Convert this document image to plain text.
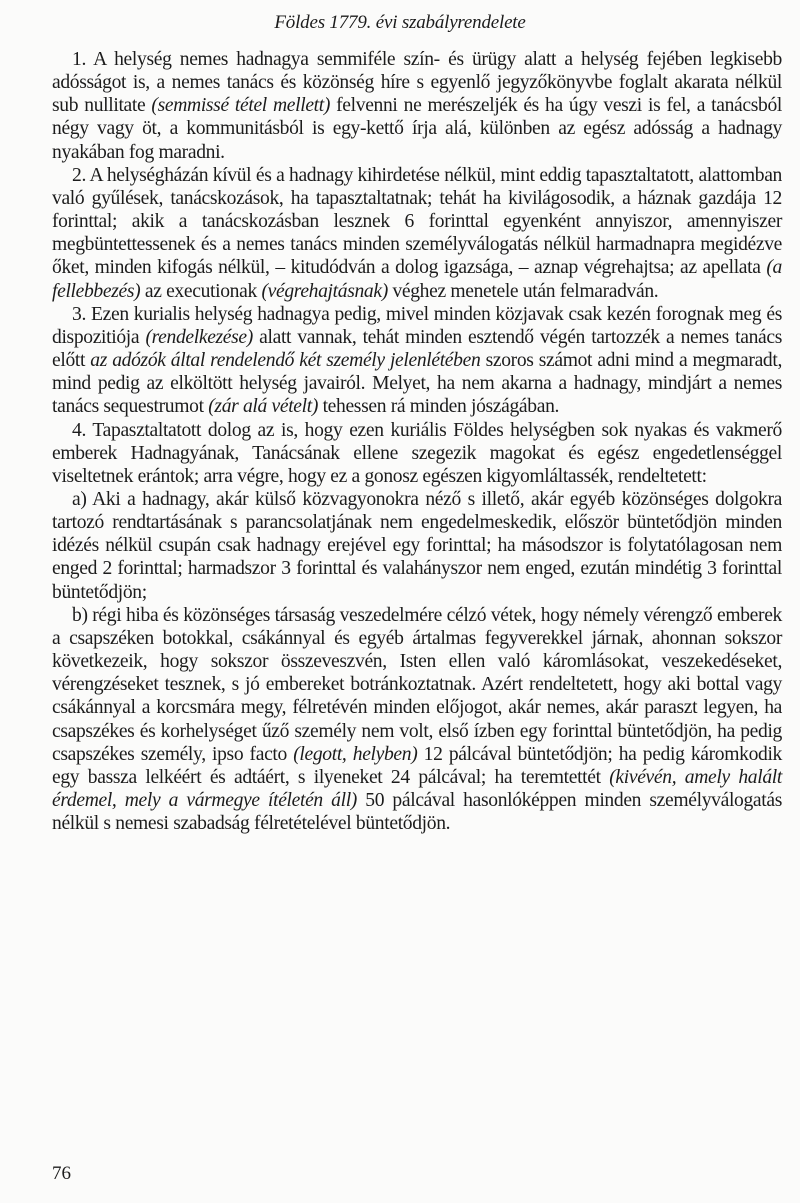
Földes 1779. évi szabályrendelete

1. A helység nemes hadnagya semmiféle szín- és ürügy alatt a helység fejében legkisebb adósságot is, a nemes tanács és közönség híre s egyenlő jegyzőkönyvbe foglalt akarata nélkül sub nullitate (semmissé tétel mellett) felvenni ne merészeljék és ha úgy veszi is fel, a tanácsból négy vagy öt, a kommunitásból is egy-kettő írja alá, különben az egész adósság a hadnagy nyakában fog maradni.

2. A helységházán kívül és a hadnagy kihirdetése nélkül, mint eddig tapasztaltatott, alattomban való gyűlések, tanácskozások, ha tapasztaltatnak; tehát ha kivilágosodik, a háznak gazdája 12 forinttal; akik a tanácskozásban lesznek 6 forinttal egyenként annyiszor, amennyiszer megbüntettessenek és a nemes tanács minden személyválogatás nélkül harmadnapra megidézve őket, minden kifogás nélkül, – kitudódván a dolog igazsága, – aznap végrehajtsa; az apellata (a fellebbezés) az executionak (végrehajtásnak) véghez menetele után felmaradván.

3. Ezen kurialis helység hadnagya pedig, mivel minden közjavak csak kezén forognak meg és dispozitiója (rendelkezése) alatt vannak, tehát minden esztendő végén tartozzék a nemes tanács előtt az adózók által rendelendő két személy jelenlétében szoros számot adni mind a megmaradt, mind pedig az elköltött helység javairól. Melyet, ha nem akarna a hadnagy, mindjárt a nemes tanács sequestrumot (zár alá vételt) tehessen rá minden jószágában.

4. Tapasztaltatott dolog az is, hogy ezen kuriális Földes helységben sok nyakas és vakmerő emberek Hadnagyának, Tanácsának ellene szegezik magokat és egész engedetlenséggel viseltetnek erántok; arra végre, hogy ez a gonosz egészen kigyomláltassék, rendeltetett:

a) Aki a hadnagy, akár külső közvagyonokra néző s illető, akár egyéb közönséges dolgokra tartozó rendtartásának s parancsolatjának nem engedelmeskedik, először büntetődjön minden idézés nélkül csupán csak hadnagy erejével egy forinttal; ha másodszor is folytatólagosan nem enged 2 forinttal; harmadszor 3 forinttal és valahányszor nem enged, ezután mindétig 3 forinttal büntetődjön;

b) régi hiba és közönséges társaság veszedelmére célzó vétek, hogy némely vérengző emberek a csapszéken botokkal, csákánnyal és egyéb ártalmas fegyverekkel járnak, ahonnan sokszor következeik, hogy sokszor összeveszvén, Isten ellen való káromlásokat, veszekedéseket, vérengzéseket tesznek, s jó embereket botránkoztatnak. Azért rendeltetett, hogy aki bottal vagy csákánnyal a korcsmára megy, félretévén minden előjogot, akár nemes, akár paraszt legyen, ha csapszékes és korhelységet űző személy nem volt, első ízben egy forinttal büntetődjön, ha pedig csapszékes személy, ipso facto (legott, helyben) 12 pálcával büntetődjön; ha pedig káromkodik egy bassza lelkéért és adtáért, s ilyeneket 24 pálcával; ha teremtettét (kivévén, amely halált érdemel, mely a vármegye ítéletén áll) 50 pálcával hasonlóképpen minden személyválogatás nélkül s nemesi szabadság félretételével büntetődjön.

76
